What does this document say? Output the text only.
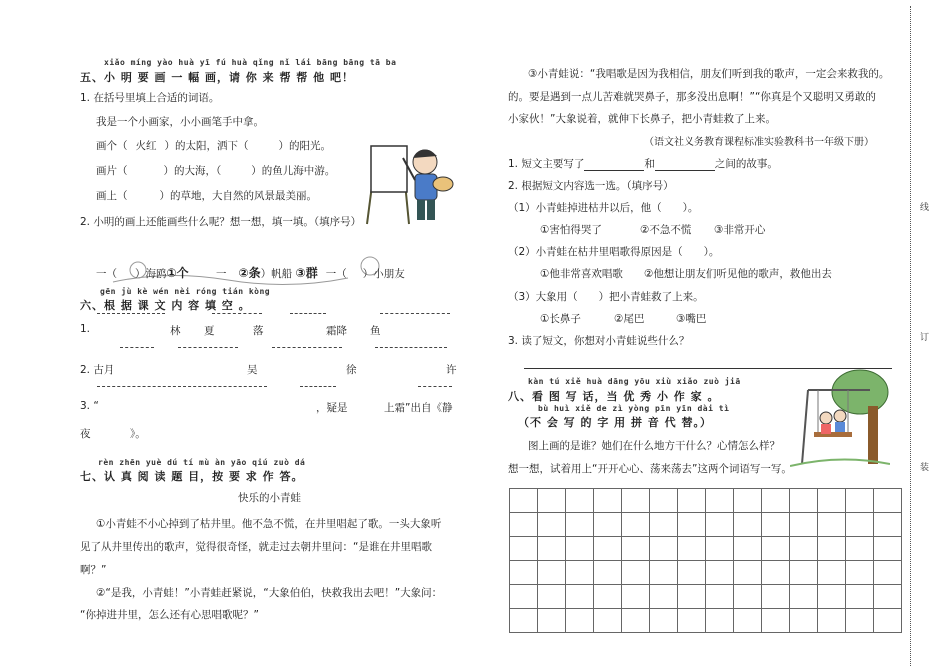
xiǎo míng yào huà yī fú huà qǐng nǐ lái bāng bāng tā ba
五、小 明 要 画 一 幅 画，请 你 来 帮 帮 他 吧！
1. 在括号里填上合适的词语。
我是一个小画家，小小画笔手中拿。
画个（ 火红 ）的太阳，洒下（	）的阳光。
画片（	）的大海，（	）的鱼儿海中游。
画上（	）的草地，大自然的风景最美丽。
2. 小明的画上还能画些什么呢？想一想，填一填。（填序号）
一（ ）海鸥①个	一 ②条）帆船 ③群 一（ ）小朋友
gēn jù kè wén nèi róng tián kòng
六、根 据 课 文 内 容 填 空 。
1.	林 夏	落	霜降 鱼
2. 古月	吴	徐	许
3. “	，疑是	上霜”出自《静
夜	》。
rèn zhēn yuè dú tí mù àn yāo qiú zuò dá
七、认 真 阅 读 题 目，按 要 求 作 答。
快乐的小青蛙
①小青蛙不小心掉到了枯井里。他不急不慌，在井里唱起了歌。一头大象听
见了从井里传出的歌声，觉得很奇怪，就走过去朝井里问：“是谁在井里唱歌
啊？”
②“是我，小青蛙！”小青蛙赶紧说，“大象伯伯，快救我出去吧！”大象问：
“你掉进井里，怎么还有心思唱歌呢？”
③小青蛙说：“我唱歌是因为我相信，朋友们听到我的歌声，一定会来救我的。
的。要是遇到一点儿苦难就哭鼻子，那多没出息啊！”“你真是个又聪明又勇敢的
小家伙！”大象说着，就伸下长鼻子，把小青蛙救了上来。
（语文社义务教育课程标准实验教科书一年级下册）
1. 短文主要写了	和	之间的故事。
2. 根据短文内容选一选。（填序号）
（1）小青蛙掉进枯井以后，他（　　）。
①害怕得哭了	②不急不慌 ③非常开心
（2）小青蛙在枯井里唱歌得原因是（　　）。
①他非常喜欢唱歌 ②他想让朋友们听见他的歌声，救他出去
（3）大象用（　　）把小青蛙救了上来。
①长鼻子	②尾巴	③嘴巴
3. 读了短文，你想对小青蛙说些什么？
kàn tú xiě huà dāng yōu xiù xiǎo zuò jiā
八、看 图 写 话，当 优 秀 小 作 家 。
bù huì xiě de zì yòng pīn yīn dài tì
（不 会 写 的 字 用 拼 音 代 替。）
图上画的是谁？她们在什么地方干什么？心情怎么样？
想一想，试着用上“开开心心、荡来荡去”这两个词语写一写。

线
订
装
